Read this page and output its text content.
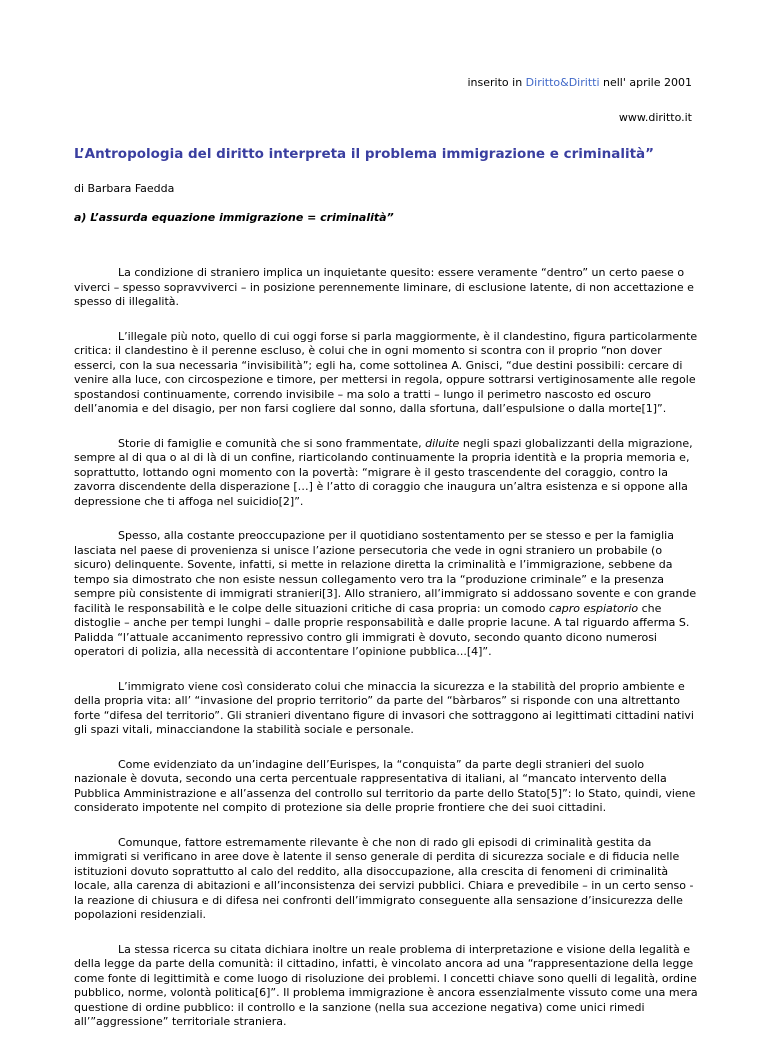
inserito in Diritto&Diritti nell' aprile 2001
www.diritto.it
L’Antropologia del diritto interpreta il problema immigrazione e criminalità”
di Barbara Faedda
a) L’assurda equazione immigrazione = criminalità”

La condizione di straniero implica un inquietante quesito: essere veramente “dentro” un certo paese o viverci – spesso sopravviverci – in posizione perennemente liminare, di esclusione latente, di non accettazione e spesso di illegalità.

L’illegale più noto, quello di cui oggi forse si parla maggiormente, è il clandestino, figura particolarmente critica: il clandestino è il perenne escluso, è colui che in ogni momento si scontra con il proprio “non dover esserci, con la sua necessaria “invisibilità”; egli ha, come sottolinea A. Gnisci, “due destini possibili: cercare di venire alla luce, con circospezione e timore, per mettersi in regola, oppure sottrarsi vertiginosamente alle regole spostandosi continuamente, correndo invisibile – ma solo a tratti – lungo il perimetro nascosto ed oscuro dell’anomia e del disagio, per non farsi cogliere dal sonno, dalla sfortuna, dall’espulsione o dalla morte[1]”.

Storie di famiglie e comunità che si sono frammentate, diluite negli spazi globalizzanti della migrazione, sempre al di qua o al di là di un confine, riarticolando continuamente la propria identità e la propria memoria e, soprattutto, lottando ogni momento con la povertà: “migrare è il gesto trascendente del coraggio, contro la zavorra discendente della disperazione […] è l’atto di coraggio che inaugura un’altra esistenza e si oppone alla depressione che ti affoga nel suicidio[2]”.

Spesso, alla costante preoccupazione per il quotidiano sostentamento per se stesso e per la famiglia lasciata nel paese di provenienza si unisce l’azione persecutoria che vede in ogni straniero un probabile (o sicuro) delinquente. Sovente, infatti, si mette in relazione diretta la criminalità e l’immigrazione, sebbene da tempo sia dimostrato che non esiste nessun collegamento vero tra la “produzione criminale” e la presenza sempre più consistente di immigrati stranieri[3]. Allo straniero, all’immigrato si addossano sovente e con grande facilità le responsabilità e le colpe delle situazioni critiche di casa propria: un comodo capro espiatorio che distoglie – anche per tempi lunghi – dalle proprie responsabilità e dalle proprie lacune. A tal riguardo afferma S. Palidda “l’attuale accanimento repressivo contro gli immigrati è dovuto, secondo quanto dicono numerosi operatori di polizia, alla necessità di accontentare l’opinione pubblica...[4]”.

L’immigrato viene così considerato colui che minaccia la sicurezza e la stabilità del proprio ambiente e della propria vita: all’ “invasione del proprio territorio” da parte del “bàrbaros” si risponde con una altrettanto forte “difesa del territorio”. Gli stranieri diventano figure di invasori che sottraggono ai legittimati cittadini nativi gli spazi vitali, minacciandone la stabilità sociale e personale.

Come evidenziato da un’indagine dell’Eurispes, la “conquista” da parte degli stranieri del suolo nazionale è dovuta, secondo una certa percentuale rappresentativa di italiani, al “mancato intervento della Pubblica Amministrazione e all’assenza del controllo sul territorio da parte dello Stato[5]”: lo Stato, quindi, viene considerato impotente nel compito di protezione sia delle proprie frontiere che dei suoi cittadini.

Comunque, fattore estremamente rilevante è che non di rado gli episodi di criminalità gestita da immigrati si verificano in aree dove è latente il senso generale di perdita di sicurezza sociale e di fiducia nelle istituzioni dovuto soprattutto al calo del reddito, alla disoccupazione, alla crescita di fenomeni di criminalità locale, alla carenza di abitazioni e all’inconsistenza dei servizi pubblici. Chiara e prevedibile – in un certo senso - la reazione di chiusura e di difesa nei confronti dell’immigrato conseguente alla sensazione d’insicurezza delle popolazioni residenziali.

La stessa ricerca su citata dichiara inoltre un reale problema di interpretazione e visione della legalità e della legge da parte della comunità: il cittadino, infatti, è vincolato ancora ad una “rappresentazione della legge come fonte di legittimità e come luogo di risoluzione dei problemi. I concetti chiave sono quelli di legalità, ordine pubblico, norme, volontà politica[6]”. Il problema immigrazione è ancora essenzialmente vissuto come una mera questione di ordine pubblico: il controllo e la sanzione (nella sua accezione negativa) come unici rimedi all’”aggressione” territoriale straniera.
